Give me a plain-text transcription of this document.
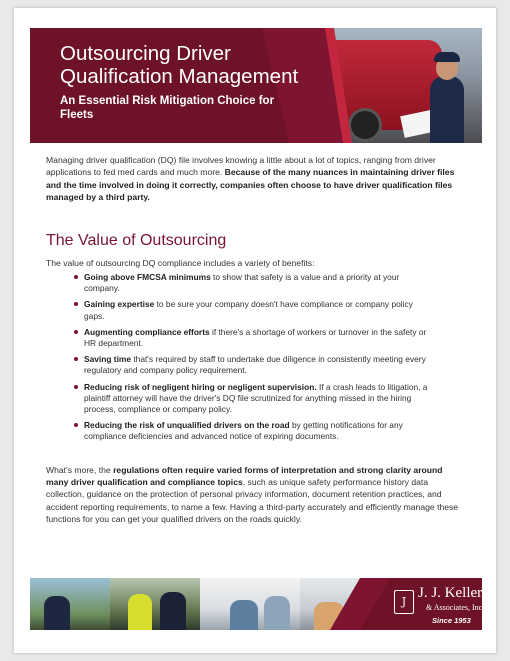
Outsourcing Driver
Qualification Management

An Essential Risk Mitigation Choice for Fleets

Managing driver qualification (DQ) file involves knowing a little about a lot of topics, ranging from driver applications to fed med cards and much more. Because of the many nuances in maintaining driver files and the time involved in doing it correctly, companies often choose to have driver qualification files managed by a third party.

The Value of Outsourcing

The value of outsourcing DQ compliance includes a variety of benefits:

Going above FMCSA minimums to show that safety is a value and a priority at your company.
Gaining expertise to be sure your company doesn't have compliance or company policy gaps.
Augmenting compliance efforts if there's a shortage of workers or turnover in the safety or HR department.
Saving time that's required by staff to undertake due diligence in consistently meeting every regulatory and company policy requirement.
Reducing risk of negligent hiring or negligent supervision. If a crash leads to litigation, a plaintiff attorney will have the driver's DQ file scrutinized for anything missed in the hiring process, compliance or company policy.
Reducing the risk of unqualified drivers on the road by getting notifications for any compliance deficiencies and advanced notice of expiring documents.

What's more, the regulations often require varied forms of interpretation and strong clarity around many driver qualification and compliance topics, such as unique safety performance history data collection, guidance on the protection of personal privacy information, document retention practices, and accident reporting requirements, to name a few. Having a third-party accurately and efficiently manage these functions for you can get your qualified drivers on the roads quickly.

J
J. J. Keller®
& Associates, Inc.
Since 1953
